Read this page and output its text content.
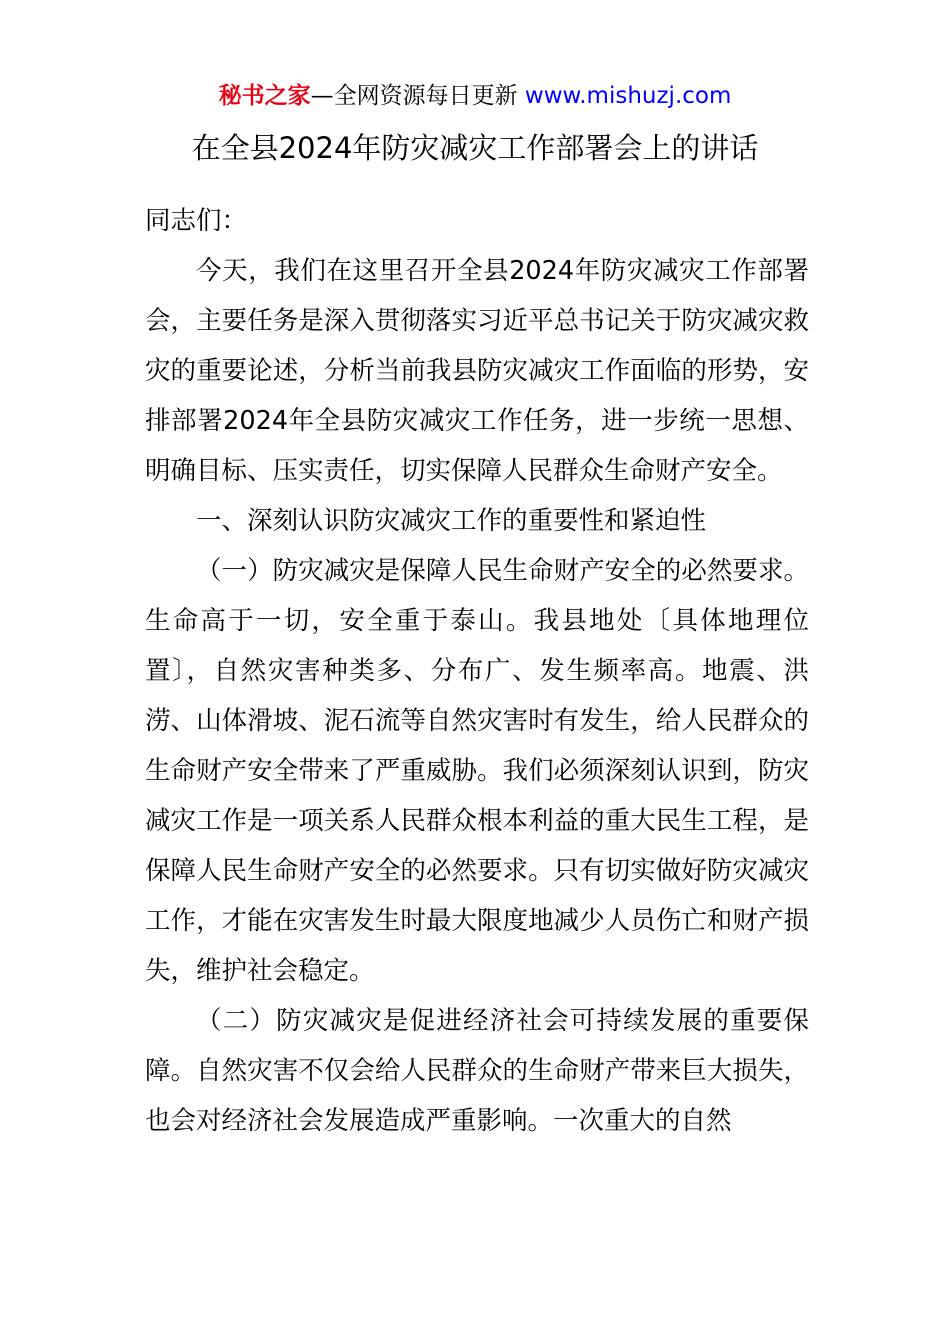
秘书之家—全网资源每日更新 www.mishuzj.com
在全县2024年防灾减灾工作部署会上的讲话

同志们：

今天，我们在这里召开全县2024年防灾减灾工作部署会，主要任务是深入贯彻落实习近平总书记关于防灾减灾救灾的重要论述，分析当前我县防灾减灾工作面临的形势，安排部署2024年全县防灾减灾工作任务，进一步统一思想、明确目标、压实责任，切实保障人民群众生命财产安全。

一、深刻认识防灾减灾工作的重要性和紧迫性

（一）防灾减灾是保障人民生命财产安全的必然要求。生命高于一切，安全重于泰山。我县地处〔具体地理位置〕，自然灾害种类多、分布广、发生频率高。地震、洪涝、山体滑坡、泥石流等自然灾害时有发生，给人民群众的生命财产安全带来了严重威胁。我们必须深刻认识到，防灾减灾工作是一项关系人民群众根本利益的重大民生工程，是保障人民生命财产安全的必然要求。只有切实做好防灾减灾工作，才能在灾害发生时最大限度地减少人员伤亡和财产损失，维护社会稳定。

（二）防灾减灾是促进经济社会可持续发展的重要保障。自然灾害不仅会给人民群众的生命财产带来巨大损失，也会对经济社会发展造成严重影响。一次重大的自然
